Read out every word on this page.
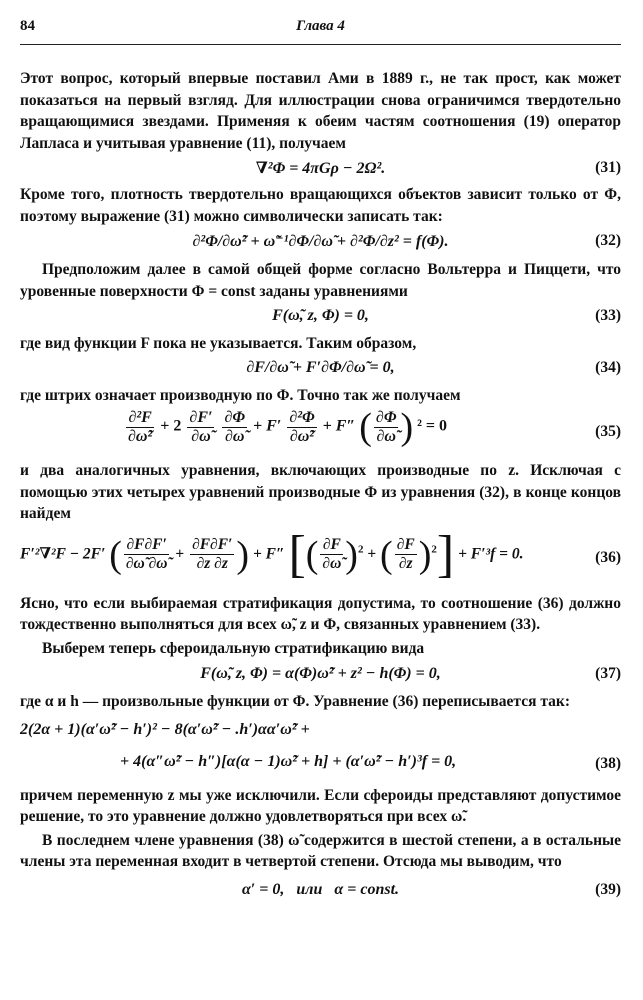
84	Глава 4

Этот вопрос, который впервые поставил Ами в 1889 г., не так прост, как может показаться на первый взгляд. Для иллюстрации снова ограничимся твердотельно вращающимися звездами. Применяя к обеим частям соотношения (19) оператор Лапласа и учитывая уравнение (11), получаем

∇²Φ = 4πGρ − 2Ω².	(31)

Кроме того, плотность твердотельно вращающихся объектов зависит только от Φ, поэтому выражение (31) можно символически записать так:

∂²Φ/∂ω̃² + ω̃⁻¹∂Φ/∂ω̃ + ∂²Φ/∂z² = f(Φ).	(32)

Предположим далее в самой общей форме согласно Вольтерра и Пиццети, что уровенные поверхности Φ = const заданы уравнениями

F(ω̃, z, Φ) = 0,	(33)

где вид функции F пока не указывается. Таким образом,

∂F/∂ω̃ + F′∂Φ/∂ω̃ = 0,	(34)

где штрих означает производную по Φ. Точно так же получаем

$\frac{\text{∂²F}}{\text{∂ω̃²}} + 2 \frac{\partial F'}{\partial\omegã}$
$\frac{\partial\Phi}{\partial\omegã} + F' \frac{\text{∂²Φ}}{\text{∂ω̃²}} + F''$ ( $\frac{\partial\Phi}{\partial\omegã}$ ) ² = 0	(35)

и два аналогичных уравнения, включающих производные по z. Исключая с помощью этих четырех уравнений производные Φ из уравнения (32), в конце концов найдем

F′²∇²F − 2F′ ( $\frac{\partial F\partial F'}{\partial\omegã \partial\omegã} + \frac{\partial F\partial F'}{\partial z \partial z}$ ) + F″ [( $\frac{\partial F}{\partial\omegã} )^2$ + ( $\frac{\partial F}{\partial z} )^2] + F'^3f = 0$.	(36)

Ясно, что если выбираемая стратификация допустима, то соотношение (36) должно тождественно выполняться для всех ω̃, z и Φ, связанных уравнением (33).

Выберем теперь сфероидальную стратификацию вида

F(ω̃, z, Φ) = α(Φ)ω̃² + z² − h(Φ) = 0,	(37)

где α и h — произвольные функции от Φ. Уравнение (36) переписывается так:

2(2α + 1)(α′ω̃² − h′)² − 8(α′ω̃² − .h′)αα′ω̃² +
+ 4(α″ω̃² − h″)[α(α − 1)ω̃² + h] + (α′ω̃² − h′)³f = 0,	(38)

причем переменную z мы уже исключили. Если сфероиды представляют допустимое решение, то это уравнение должно удовлетворяться при всех ω̃.

В последнем члене уравнения (38) ω̃ содержится в шестой степени, а в остальные члены эта переменная входит в четвертой степени. Отсюда мы выводим, что

α′ = 0,   или   α = const.	(39)
